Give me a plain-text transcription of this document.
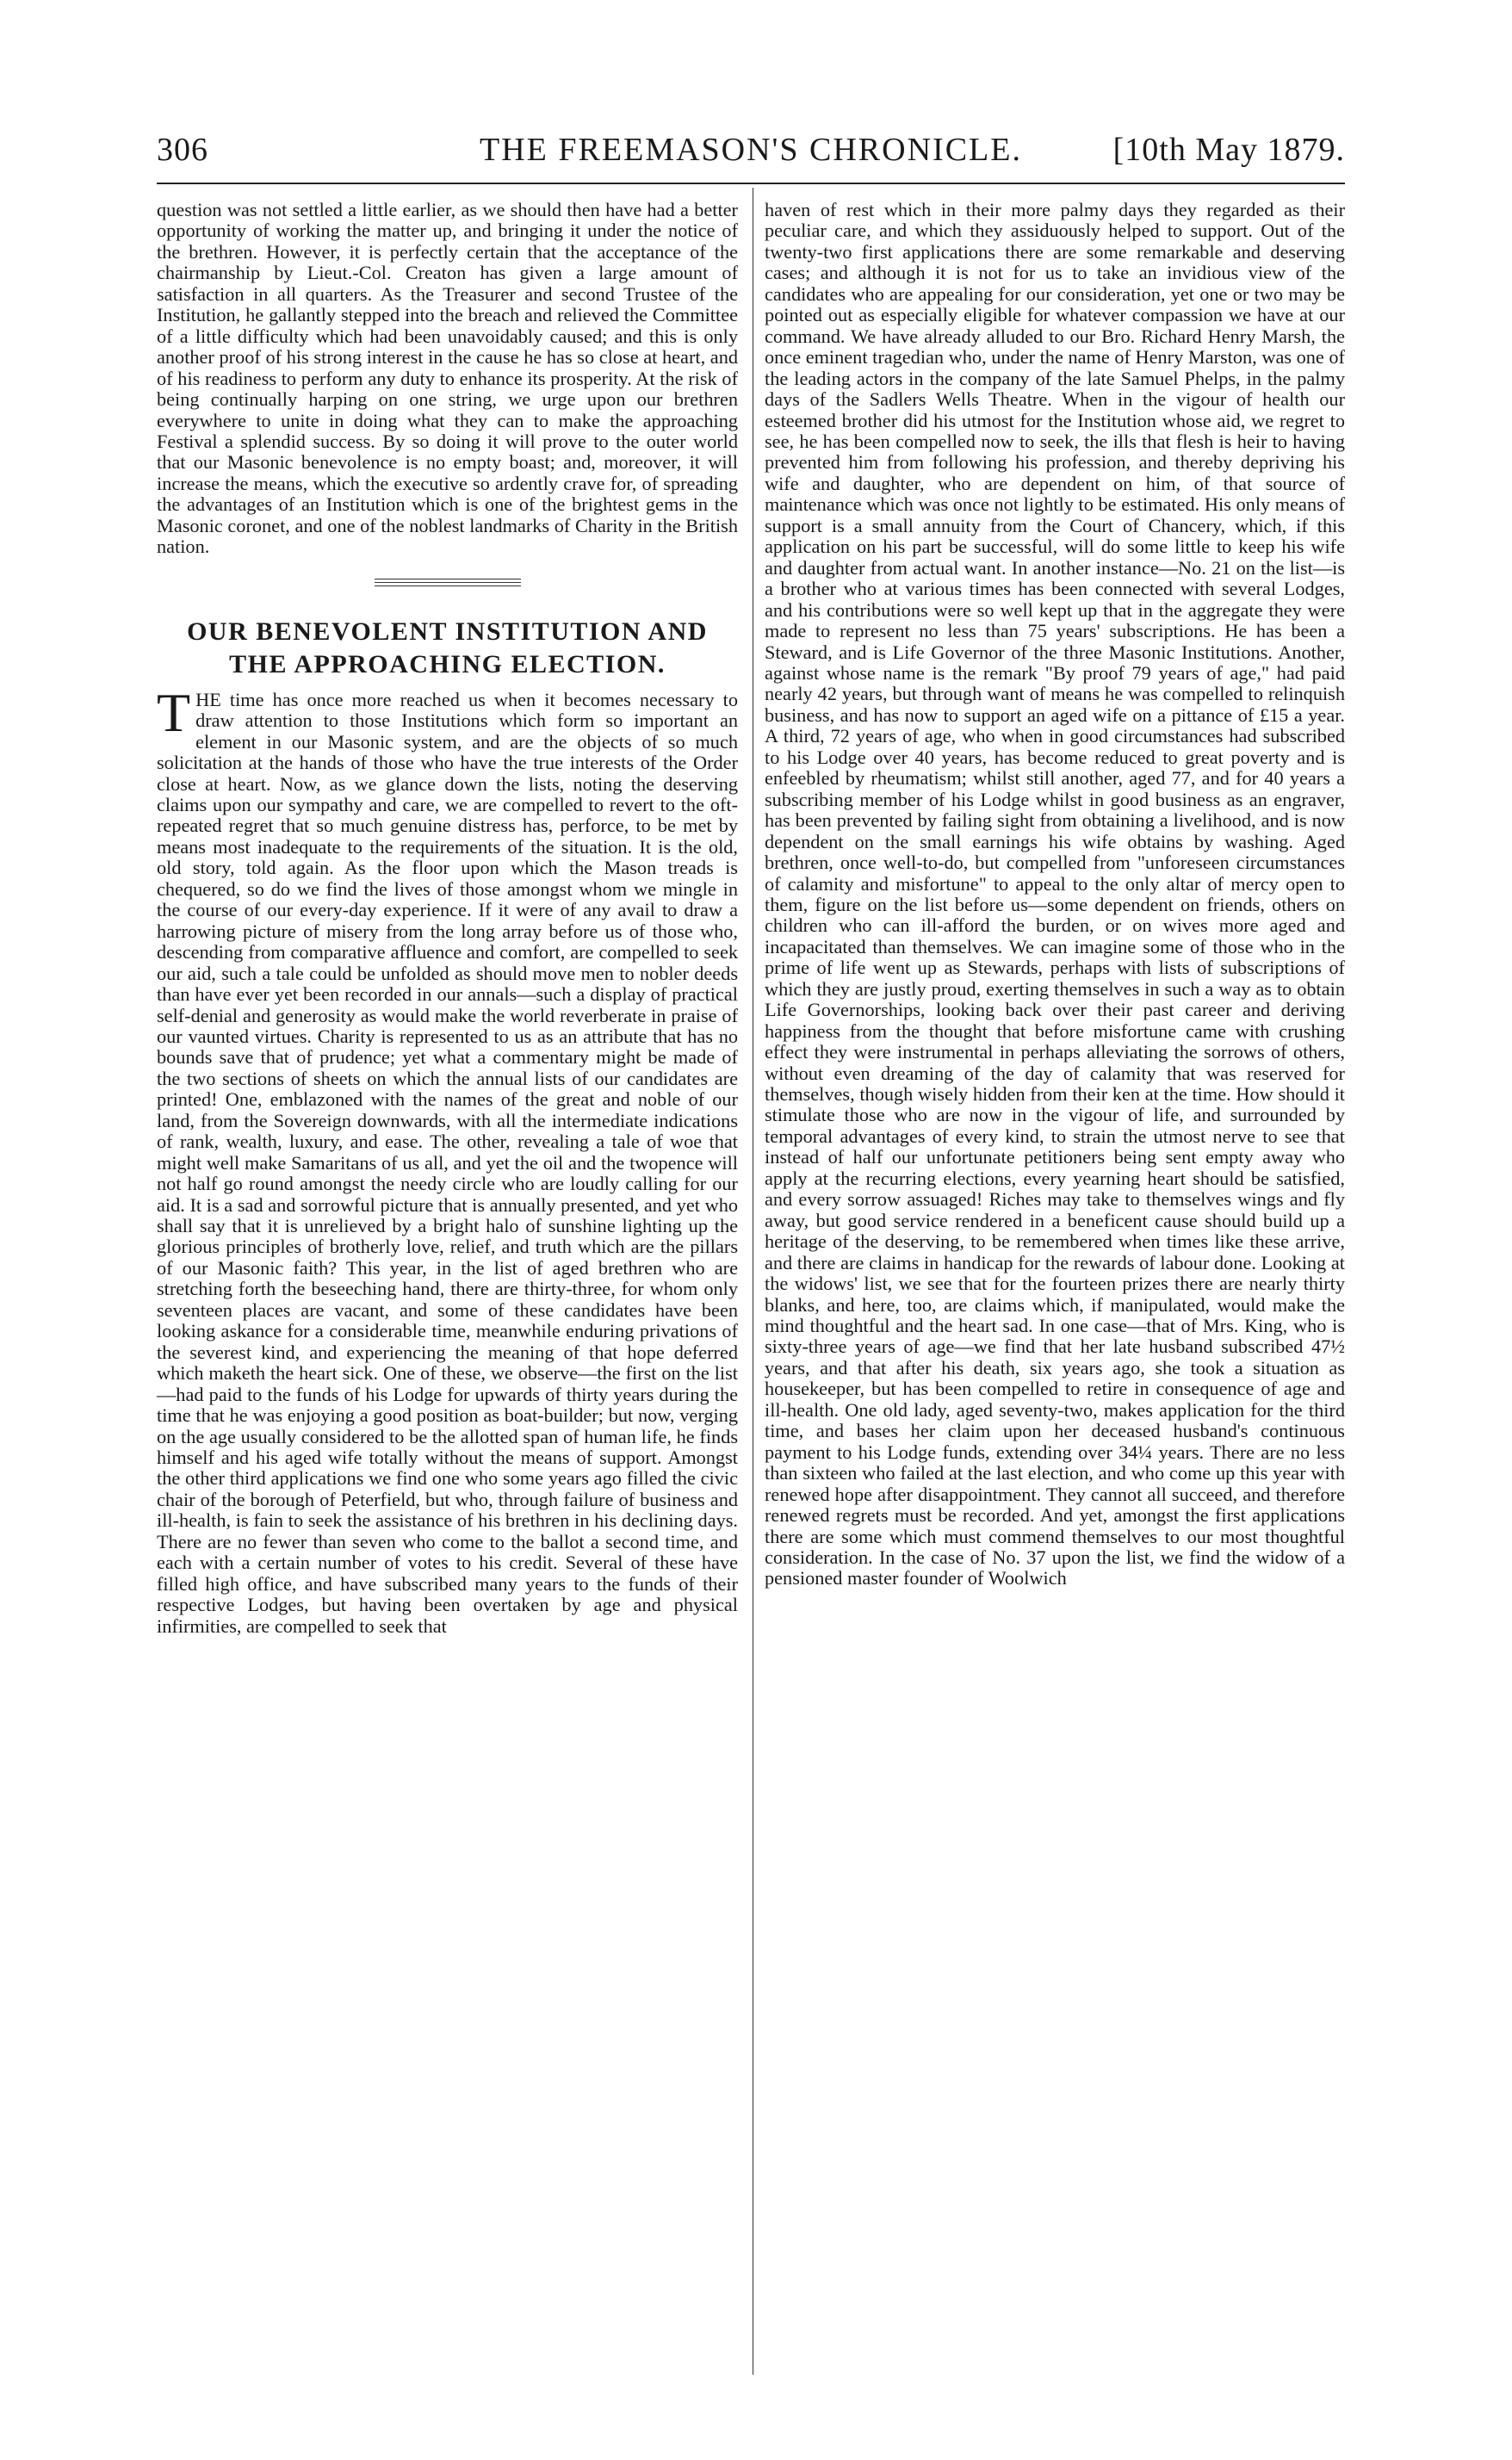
306	THE FREEMASON'S CHRONICLE.	[10th May 1879.

question was not settled a little earlier, as we should then have had a better opportunity of working the matter up, and bringing it under the notice of the brethren. However, it is perfectly certain that the acceptance of the chairmanship by Lieut.-Col. Creaton has given a large amount of satisfaction in all quarters. As the Treasurer and second Trustee of the Institution, he gallantly stepped into the breach and relieved the Committee of a little difficulty which had been unavoidably caused; and this is only another proof of his strong interest in the cause he has so close at heart, and of his readiness to perform any duty to enhance its prosperity. At the risk of being continually harping on one string, we urge upon our brethren everywhere to unite in doing what they can to make the approaching Festival a splendid success. By so doing it will prove to the outer world that our Masonic benevolence is no empty boast; and, moreover, it will increase the means, which the executive so ardently crave for, of spreading the advantages of an Institution which is one of the brightest gems in the Masonic coronet, and one of the noblest landmarks of Charity in the British nation.

OUR BENEVOLENT INSTITUTION AND THE APPROACHING ELECTION.

THE time has once more reached us when it becomes necessary to draw attention to those Institutions which form so important an element in our Masonic system, and are the objects of so much solicitation at the hands of those who have the true interests of the Order close at heart. Now, as we glance down the lists, noting the deserving claims upon our sympathy and care, we are compelled to revert to the oft-repeated regret that so much genuine distress has, perforce, to be met by means most inadequate to the requirements of the situation. It is the old, old story, told again. As the floor upon which the Mason treads is chequered, so do we find the lives of those amongst whom we mingle in the course of our every-day experience. If it were of any avail to draw a harrowing picture of misery from the long array before us of those who, descending from comparative affluence and comfort, are compelled to seek our aid, such a tale could be unfolded as should move men to nobler deeds than have ever yet been recorded in our annals—such a display of practical self-denial and generosity as would make the world reverberate in praise of our vaunted virtues. Charity is represented to us as an attribute that has no bounds save that of prudence; yet what a commentary might be made of the two sections of sheets on which the annual lists of our candidates are printed! One, emblazoned with the names of the great and noble of our land, from the Sovereign downwards, with all the intermediate indications of rank, wealth, luxury, and ease. The other, revealing a tale of woe that might well make Samaritans of us all, and yet the oil and the twopence will not half go round amongst the needy circle who are loudly calling for our aid. It is a sad and sorrowful picture that is annually presented, and yet who shall say that it is unrelieved by a bright halo of sunshine lighting up the glorious principles of brotherly love, relief, and truth which are the pillars of our Masonic faith? This year, in the list of aged brethren who are stretching forth the beseeching hand, there are thirty-three, for whom only seventeen places are vacant, and some of these candidates have been looking askance for a considerable time, meanwhile enduring privations of the severest kind, and experiencing the meaning of that hope deferred which maketh the heart sick. One of these, we observe—the first on the list—had paid to the funds of his Lodge for upwards of thirty years during the time that he was enjoying a good position as boat-builder; but now, verging on the age usually considered to be the allotted span of human life, he finds himself and his aged wife totally without the means of support. Amongst the other third applications we find one who some years ago filled the civic chair of the borough of Peterfield, but who, through failure of business and ill-health, is fain to seek the assistance of his brethren in his declining days. There are no fewer than seven who come to the ballot a second time, and each with a certain number of votes to his credit. Several of these have filled high office, and have subscribed many years to the funds of their respective Lodges, but having been overtaken by age and physical infirmities, are compelled to seek that

haven of rest which in their more palmy days they regarded as their peculiar care, and which they assiduously helped to support. Out of the twenty-two first applications there are some remarkable and deserving cases; and although it is not for us to take an invidious view of the candidates who are appealing for our consideration, yet one or two may be pointed out as especially eligible for whatever compassion we have at our command. We have already alluded to our Bro. Richard Henry Marsh, the once eminent tragedian who, under the name of Henry Marston, was one of the leading actors in the company of the late Samuel Phelps, in the palmy days of the Sadlers Wells Theatre. When in the vigour of health our esteemed brother did his utmost for the Institution whose aid, we regret to see, he has been compelled now to seek, the ills that flesh is heir to having prevented him from following his profession, and thereby depriving his wife and daughter, who are dependent on him, of that source of maintenance which was once not lightly to be estimated. His only means of support is a small annuity from the Court of Chancery, which, if this application on his part be successful, will do some little to keep his wife and daughter from actual want. In another instance—No. 21 on the list—is a brother who at various times has been connected with several Lodges, and his contributions were so well kept up that in the aggregate they were made to represent no less than 75 years' subscriptions. He has been a Steward, and is Life Governor of the three Masonic Institutions. Another, against whose name is the remark "By proof 79 years of age," had paid nearly 42 years, but through want of means he was compelled to relinquish business, and has now to support an aged wife on a pittance of £15 a year. A third, 72 years of age, who when in good circumstances had subscribed to his Lodge over 40 years, has become reduced to great poverty and is enfeebled by rheumatism; whilst still another, aged 77, and for 40 years a subscribing member of his Lodge whilst in good business as an engraver, has been prevented by failing sight from obtaining a livelihood, and is now dependent on the small earnings his wife obtains by washing. Aged brethren, once well-to-do, but compelled from "unforeseen circumstances of calamity and misfortune" to appeal to the only altar of mercy open to them, figure on the list before us—some dependent on friends, others on children who can ill-afford the burden, or on wives more aged and incapacitated than themselves. We can imagine some of those who in the prime of life went up as Stewards, perhaps with lists of subscriptions of which they are justly proud, exerting themselves in such a way as to obtain Life Governorships, looking back over their past career and deriving happiness from the thought that before misfortune came with crushing effect they were instrumental in perhaps alleviating the sorrows of others, without even dreaming of the day of calamity that was reserved for themselves, though wisely hidden from their ken at the time. How should it stimulate those who are now in the vigour of life, and surrounded by temporal advantages of every kind, to strain the utmost nerve to see that instead of half our unfortunate petitioners being sent empty away who apply at the recurring elections, every yearning heart should be satisfied, and every sorrow assuaged! Riches may take to themselves wings and fly away, but good service rendered in a beneficent cause should build up a heritage of the deserving, to be remembered when times like these arrive, and there are claims in handicap for the rewards of labour done. Looking at the widows' list, we see that for the fourteen prizes there are nearly thirty blanks, and here, too, are claims which, if manipulated, would make the mind thoughtful and the heart sad. In one case—that of Mrs. King, who is sixty-three years of age—we find that her late husband subscribed 47½ years, and that after his death, six years ago, she took a situation as housekeeper, but has been compelled to retire in consequence of age and ill-health. One old lady, aged seventy-two, makes application for the third time, and bases her claim upon her deceased husband's continuous payment to his Lodge funds, extending over 34¼ years. There are no less than sixteen who failed at the last election, and who come up this year with renewed hope after disappointment. They cannot all succeed, and therefore renewed regrets must be recorded. And yet, amongst the first applications there are some which must commend themselves to our most thoughtful consideration. In the case of No. 37 upon the list, we find the widow of a pensioned master founder of Woolwich
